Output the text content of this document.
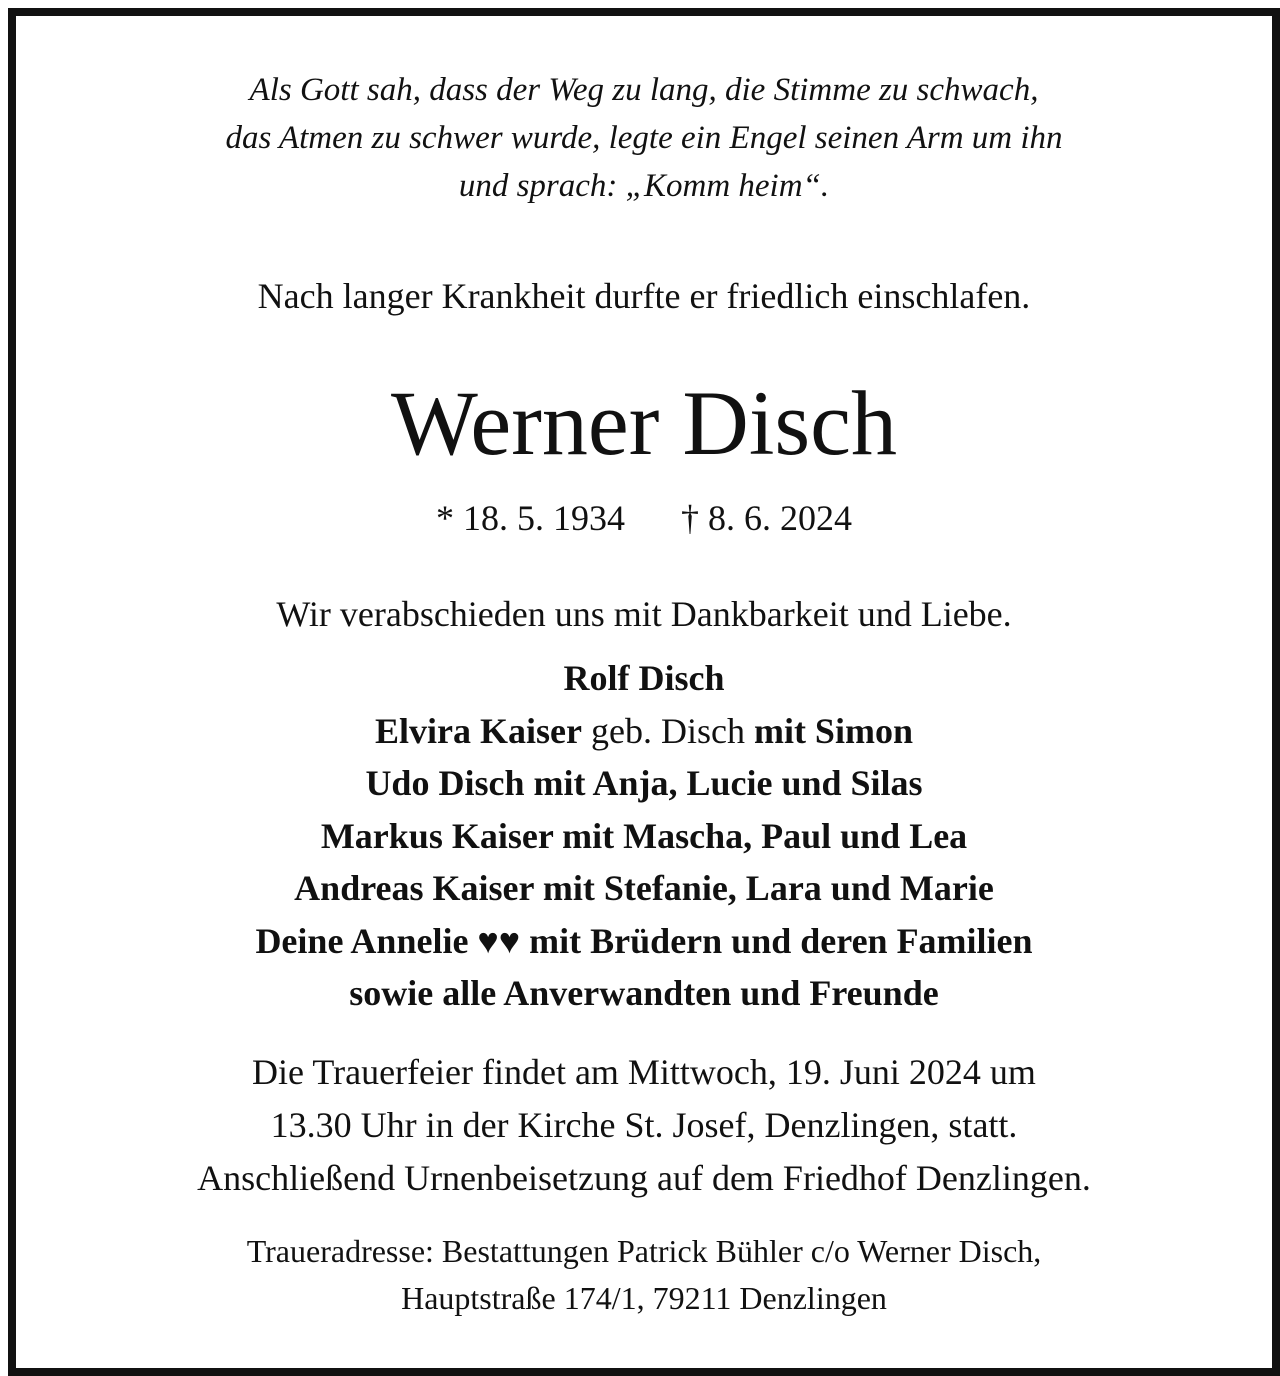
Als Gott sah, dass der Weg zu lang, die Stimme zu schwach,
das Atmen zu schwer wurde, legte ein Engel seinen Arm um ihn
und sprach: „Komm heim“.
Nach langer Krankheit durfte er friedlich einschlafen.
Werner Disch
* 18. 5. 1934 † 8. 6. 2024
Wir verabschieden uns mit Dankbarkeit und Liebe.
Rolf Disch
Elvira Kaiser geb. Disch mit Simon
Udo Disch mit Anja, Lucie und Silas
Markus Kaiser mit Mascha, Paul und Lea
Andreas Kaiser mit Stefanie, Lara und Marie
Deine Annelie ♥♥ mit Brüdern und deren Familien
sowie alle Anverwandten und Freunde
Die Trauerfeier findet am Mittwoch, 19. Juni 2024 um
13.30 Uhr in der Kirche St. Josef, Denzlingen, statt.
Anschließend Urnenbeisetzung auf dem Friedhof Denzlingen.
Traueradresse: Bestattungen Patrick Bühler c/o Werner Disch,
Hauptstraße 174/1, 79211 Denzlingen
